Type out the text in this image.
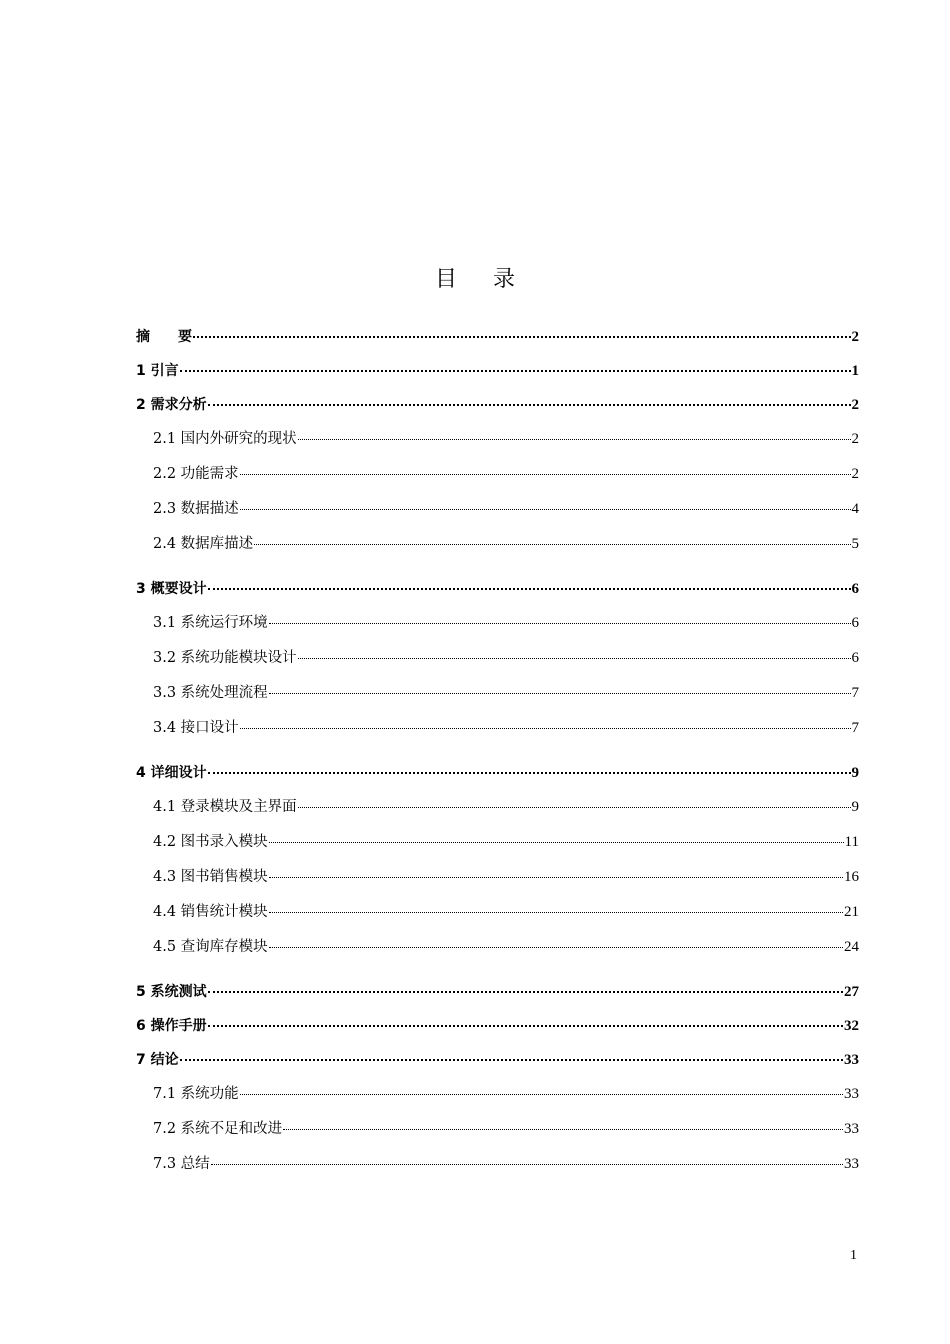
目 录
摘　　要	2
1 引言	1
2 需求分析	2
2.1 国内外研究的现状	2
2.2 功能需求	2
2.3 数据描述	4
2.4 数据库描述	5
3 概要设计	6
3.1 系统运行环境	6
3.2 系统功能模块设计	6
3.3 系统处理流程	7
3.4 接口设计	7
4 详细设计	9
4.1 登录模块及主界面	9
4.2 图书录入模块	11
4.3 图书销售模块	16
4.4 销售统计模块	21
4.5 查询库存模块	24
5 系统测试	27
6 操作手册	32
7 结论	33
7.1 系统功能	33
7.2 系统不足和改进	33
7.3 总结	33
1
